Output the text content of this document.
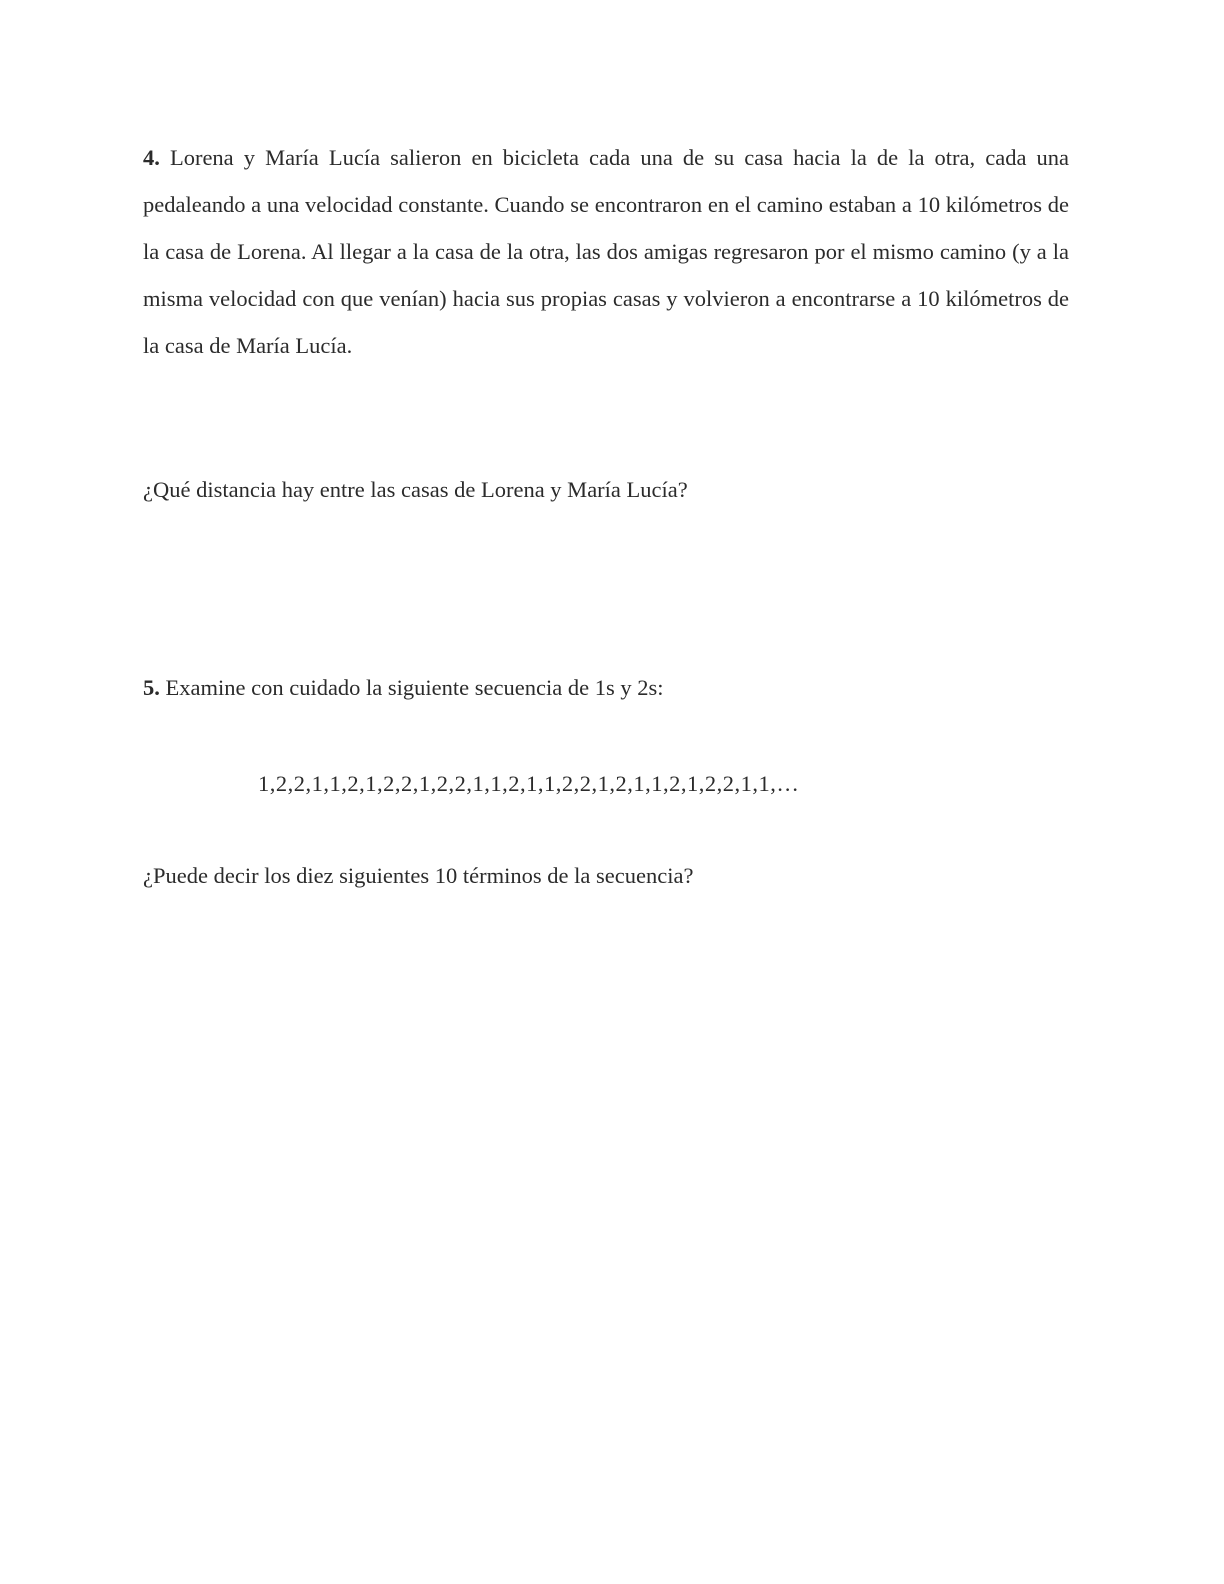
4. Lorena y María Lucía salieron en bicicleta cada una de su casa hacia la de la otra, cada una pedaleando a una velocidad constante. Cuando se encontraron en el camino estaban a 10 kilómetros de la casa de Lorena. Al llegar a la casa de la otra, las dos amigas regresaron por el mismo camino (y a la misma velocidad con que venían) hacia sus propias casas y volvieron a encontrarse a 10 kilómetros de la casa de María Lucía.
¿Qué distancia hay entre las casas de Lorena y María Lucía?
5. Examine con cuidado la siguiente secuencia de 1s y 2s:
1,2,2,1,1,2,1,2,2,1,2,2,1,1,2,1,1,2,2,1,2,1,1,2,1,2,2,1,1,…
¿Puede decir los diez siguientes 10 términos de la secuencia?
